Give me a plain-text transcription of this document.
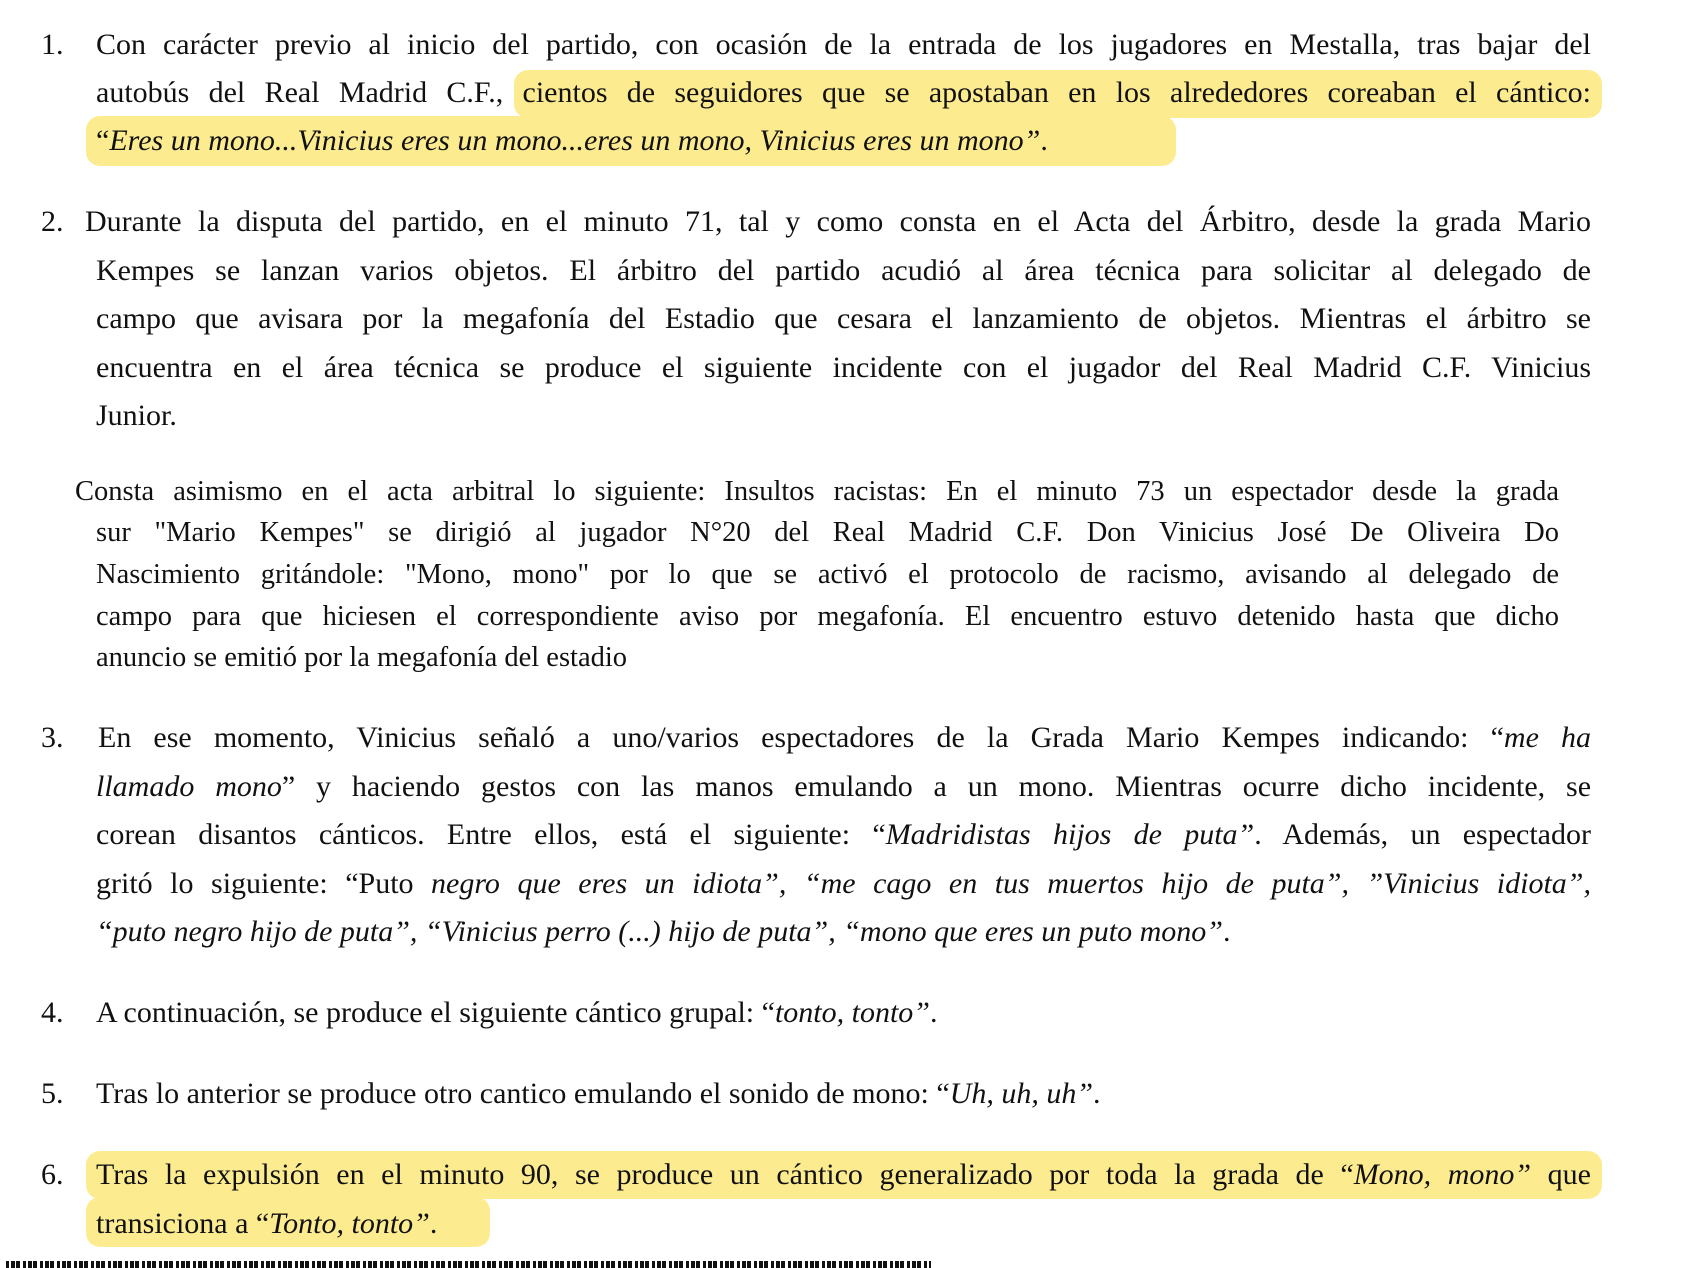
1. Con carácter previo al inicio del partido, con ocasión de la entrada de los jugadores en Mestalla, tras bajar del
autobús del Real Madrid C.F., cientos de seguidores que se apostaban en los alrededores coreaban el cántico:
“Eres un mono...Vinicius eres un mono...eres un mono, Vinicius eres un mono”.
2. Durante la disputa del partido, en el minuto 71, tal y como consta en el Acta del Árbitro, desde la grada Mario
Kempes se lanzan varios objetos. El árbitro del partido acudió al área técnica para solicitar al delegado de
campo que avisara por la megafonía del Estadio que cesara el lanzamiento de objetos. Mientras el árbitro se
encuentra en el área técnica se produce el siguiente incidente con el jugador del Real Madrid C.F. Vinicius
Junior.
Consta asimismo en el acta arbitral lo siguiente: Insultos racistas: En el minuto 73 un espectador desde la grada
sur "Mario Kempes" se dirigió al jugador N°20 del Real Madrid C.F. Don Vinicius José De Oliveira Do
Nascimiento gritándole: "Mono, mono" por lo que se activó el protocolo de racismo, avisando al delegado de
campo para que hiciesen el correspondiente aviso por megafonía. El encuentro estuvo detenido hasta que dicho
anuncio se emitió por la megafonía del estadio
3. En ese momento, Vinicius señaló a uno/varios espectadores de la Grada Mario Kempes indicando: “me ha
llamado mono” y haciendo gestos con las manos emulando a un mono. Mientras ocurre dicho incidente, se
corean disantos cánticos. Entre ellos, está el siguiente: “Madridistas hijos de puta”. Además, un espectador
gritó lo siguiente: “Puto negro que eres un idiota”, “me cago en tus muertos hijo de puta”, ”Vinicius idiota”,
“puto negro hijo de puta”, “Vinicius perro (...) hijo de puta”, “mono que eres un puto mono”.
4. A continuación, se produce el siguiente cántico grupal: “tonto, tonto”.
5. Tras lo anterior se produce otro cantico emulando el sonido de mono: “Uh, uh, uh”.
6. Tras la expulsión en el minuto 90, se produce un cántico generalizado por toda la grada de “Mono, mono” que
transiciona a “Tonto, tonto”.
